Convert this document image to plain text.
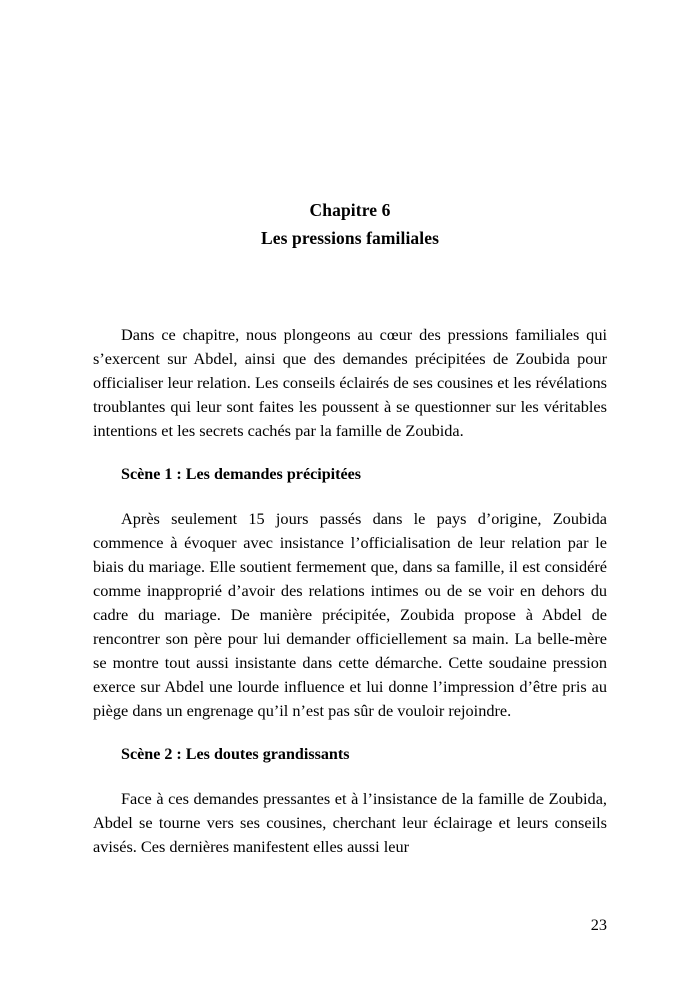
Chapitre 6
Les pressions familiales

Dans ce chapitre, nous plongeons au cœur des pressions familiales qui s’exercent sur Abdel, ainsi que des demandes précipitées de Zoubida pour officialiser leur relation. Les conseils éclairés de ses cousines et les révélations troublantes qui leur sont faites les poussent à se questionner sur les véritables intentions et les secrets cachés par la famille de Zoubida.

Scène 1 : Les demandes précipitées

Après seulement 15 jours passés dans le pays d’origine, Zoubida commence à évoquer avec insistance l’officialisation de leur relation par le biais du mariage. Elle soutient fermement que, dans sa famille, il est considéré comme inapproprié d’avoir des relations intimes ou de se voir en dehors du cadre du mariage. De manière précipitée, Zoubida propose à Abdel de rencontrer son père pour lui demander officiellement sa main. La belle-mère se montre tout aussi insistante dans cette démarche. Cette soudaine pression exerce sur Abdel une lourde influence et lui donne l’impression d’être pris au piège dans un engrenage qu’il n’est pas sûr de vouloir rejoindre.

Scène 2 : Les doutes grandissants

Face à ces demandes pressantes et à l’insistance de la famille de Zoubida, Abdel se tourne vers ses cousines, cherchant leur éclairage et leurs conseils avisés. Ces dernières manifestent elles aussi leur

23
